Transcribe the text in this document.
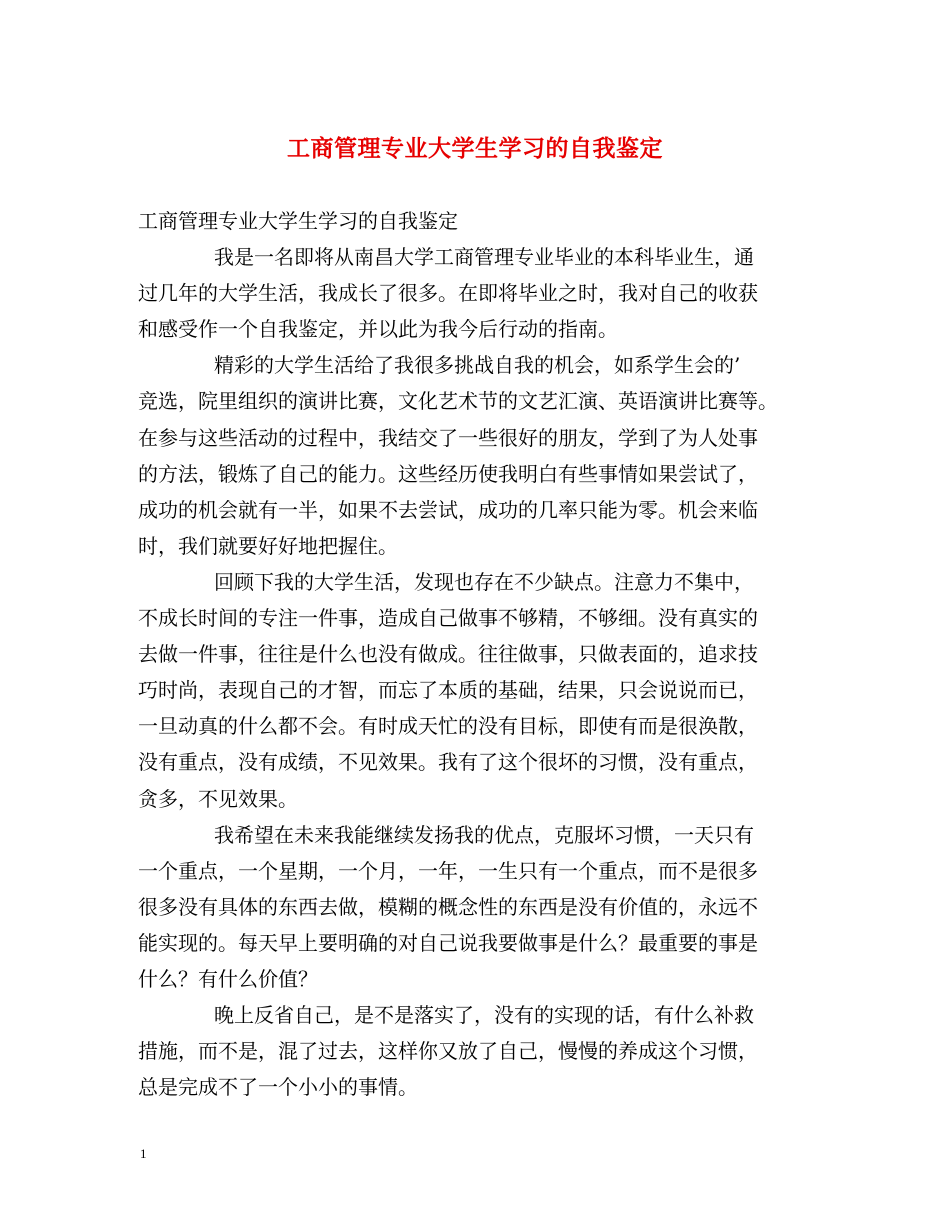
工商管理专业大学生学习的自我鉴定
工商管理专业大学生学习的自我鉴定
我是一名即将从南昌大学工商管理专业毕业的本科毕业生，通
过几年的大学生活，我成长了很多。在即将毕业之时，我对自己的收获
和感受作一个自我鉴定，并以此为我今后行动的指南。
精彩的大学生活给了我很多挑战自我的机会，如系学生会的’
竞选，院里组织的演讲比赛，文化艺术节的文艺汇演、英语演讲比赛等。
在参与这些活动的过程中，我结交了一些很好的朋友，学到了为人处事
的方法，锻炼了自己的能力。这些经历使我明白有些事情如果尝试了，
成功的机会就有一半，如果不去尝试，成功的几率只能为零。机会来临
时，我们就要好好地把握住。
回顾下我的大学生活，发现也存在不少缺点。注意力不集中，
不成长时间的专注一件事，造成自己做事不够精，不够细。没有真实的
去做一件事，往往是什么也没有做成。往往做事，只做表面的，追求技
巧时尚，表现自己的才智，而忘了本质的基础，结果，只会说说而已，
一旦动真的什么都不会。有时成天忙的没有目标，即使有而是很涣散，
没有重点，没有成绩，不见效果。我有了这个很坏的习惯，没有重点，
贪多，不见效果。
我希望在未来我能继续发扬我的优点，克服坏习惯，一天只有
一个重点，一个星期，一个月，一年，一生只有一个重点，而不是很多
很多没有具体的东西去做，模糊的概念性的东西是没有价值的，永远不
能实现的。每天早上要明确的对自己说我要做事是什么？最重要的事是
什么？有什么价值？
晚上反省自己，是不是落实了，没有的实现的话，有什么补救
措施，而不是，混了过去，这样你又放了自己，慢慢的养成这个习惯，
总是完成不了一个小小的事情。
1
